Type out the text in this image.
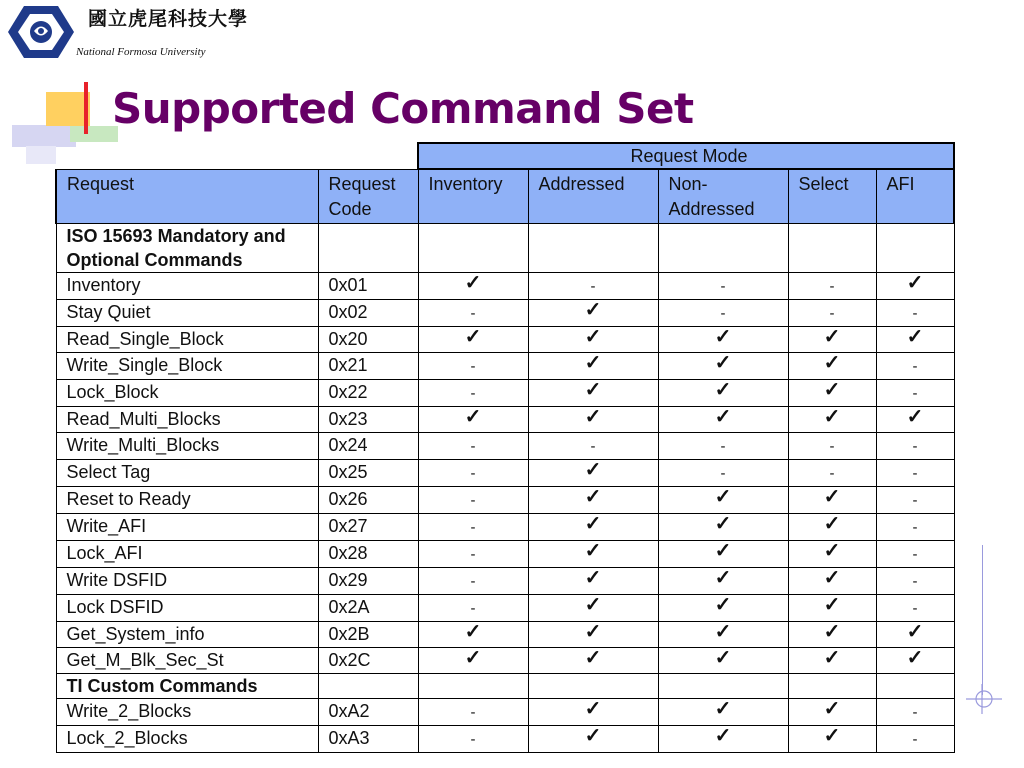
國立虎尾科技大學
National Formosa University
Supported Command Set
		Request Mode				
Request	Request Code	Inventory	Addressed	Non-Addressed	Select	AFI
ISO 15693 Mandatory and Optional Commands						
Inventory	0x01	✓	-	-	-	✓
Stay Quiet	0x02	-	✓	-	-	-
Read_Single_Block	0x20	✓	✓	✓	✓	✓
Write_Single_Block	0x21	-	✓	✓	✓	-
Lock_Block	0x22	-	✓	✓	✓	-
Read_Multi_Blocks	0x23	✓	✓	✓	✓	✓
Write_Multi_Blocks	0x24	-	-	-	-	-
Select Tag	0x25	-	✓	-	-	-
Reset to Ready	0x26	-	✓	✓	✓	-
Write_AFI	0x27	-	✓	✓	✓	-
Lock_AFI	0x28	-	✓	✓	✓	-
Write DSFID	0x29	-	✓	✓	✓	-
Lock DSFID	0x2A	-	✓	✓	✓	-
Get_System_info	0x2B	✓	✓	✓	✓	✓
Get_M_Blk_Sec_St	0x2C	✓	✓	✓	✓	✓
TI Custom Commands						
Write_2_Blocks	0xA2	-	✓	✓	✓	-
Lock_2_Blocks	0xA3	-	✓	✓	✓	-
